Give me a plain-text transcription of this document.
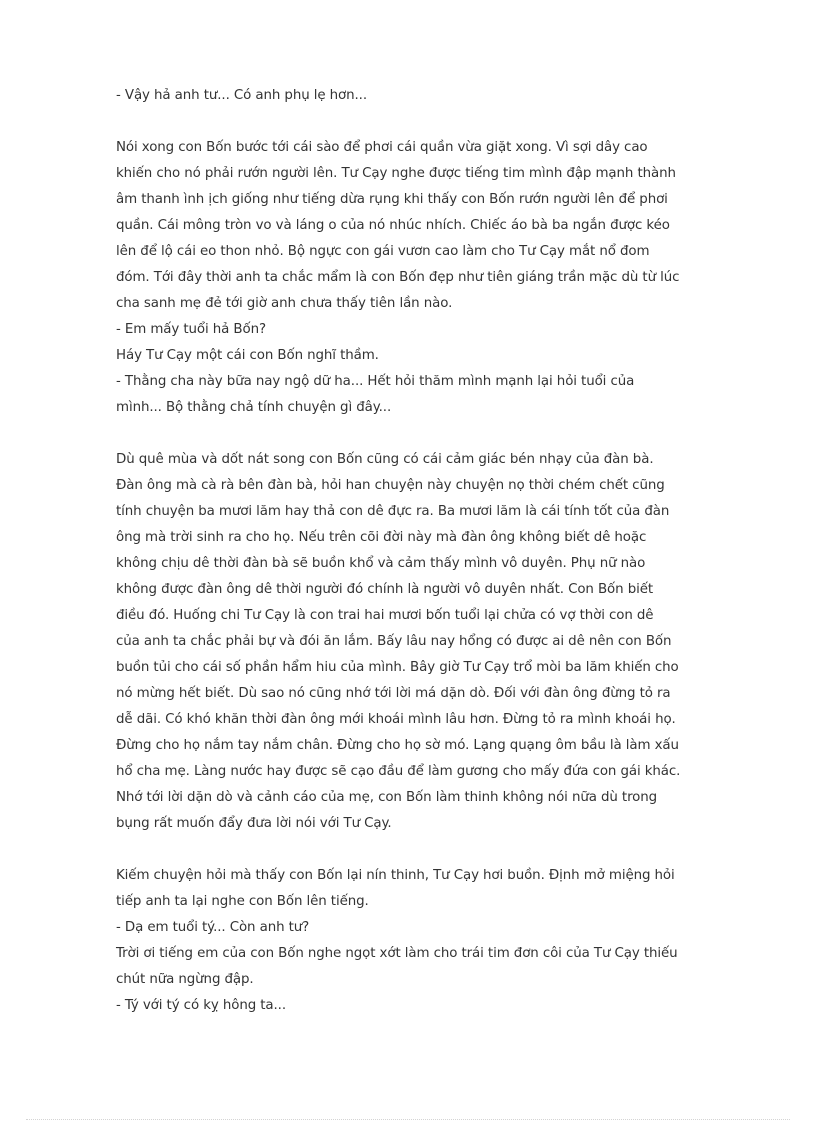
- Vậy hả anh tư... Có anh phụ lẹ hơn...
Nói xong con Bốn bước tới cái sào để phơi cái quần vừa giặt xong. Vì sợi dây cao
khiến cho nó phải rướn người lên. Tư Cạy nghe được tiếng tim mình đập mạnh thành
âm thanh ình ịch giống như tiếng dừa rụng khi thấy con Bốn rướn người lên để phơi
quần. Cái mông tròn vo và láng o của nó nhúc nhích. Chiếc áo bà ba ngắn được kéo
lên để lộ cái eo thon nhỏ. Bộ ngực con gái vươn cao làm cho Tư Cạy mắt nổ đom
đóm. Tới đây thời anh ta chắc mẩm là con Bốn đẹp như tiên giáng trần mặc dù từ lúc
cha sanh mẹ đẻ tới giờ anh chưa thấy tiên lần nào.
- Em mấy tuổi hả Bốn?
Háy Tư Cạy một cái con Bốn nghĩ thầm.
- Thằng cha này bữa nay ngộ dữ ha... Hết hỏi thăm mình mạnh lại hỏi tuổi của
mình... Bộ thằng chả tính chuyện gì đây...
Dù quê mùa và dốt nát song con Bốn cũng có cái cảm giác bén nhạy của đàn bà.
Đàn ông mà cà rà bên đàn bà, hỏi han chuyện này chuyện nọ thời chém chết cũng
tính chuyện ba mươi lăm hay thả con dê đực ra. Ba mươi lăm là cái tính tốt của đàn
ông mà trời sinh ra cho họ. Nếu trên cõi đời này mà đàn ông không biết dê hoặc
không chịu dê thời đàn bà sẽ buồn khổ và cảm thấy mình vô duyên. Phụ nữ nào
không được đàn ông dê thời người đó chính là người vô duyên nhất. Con Bốn biết
điều đó. Huống chi Tư Cạy là con trai hai mươi bốn tuổi lại chửa có vợ thời con dê
của anh ta chắc phải bự và đói ăn lắm. Bấy lâu nay hổng có được ai dê nên con Bốn
buồn tủi cho cái số phần hẩm hiu của mình. Bây giờ Tư Cạy trổ mòi ba lăm khiến cho
nó mừng hết biết. Dù sao nó cũng nhớ tới lời má dặn dò. Đối với đàn ông đừng tỏ ra
dễ dãi. Có khó khăn thời đàn ông mới khoái mình lâu hơn. Đừng tỏ ra mình khoái họ.
Đừng cho họ nắm tay nắm chân. Đừng cho họ sờ mó. Lạng quạng ôm bầu là làm xấu
hổ cha mẹ. Làng nước hay được sẽ cạo đầu để làm gương cho mấy đứa con gái khác.
Nhớ tới lời dặn dò và cảnh cáo của mẹ, con Bốn làm thinh không nói nữa dù trong
bụng rất muốn đẩy đưa lời nói với Tư Cạy.
Kiếm chuyện hỏi mà thấy con Bốn lại nín thinh, Tư Cạy hơi buồn. Định mở miệng hỏi
tiếp anh ta lại nghe con Bốn lên tiếng.
- Dạ em tuổi tý... Còn anh tư?
Trời ơi tiếng em của con Bốn nghe ngọt xớt làm cho trái tim đơn côi của Tư Cạy thiếu
chút nữa ngừng đập.
- Tý với tý có kỵ hông ta...
